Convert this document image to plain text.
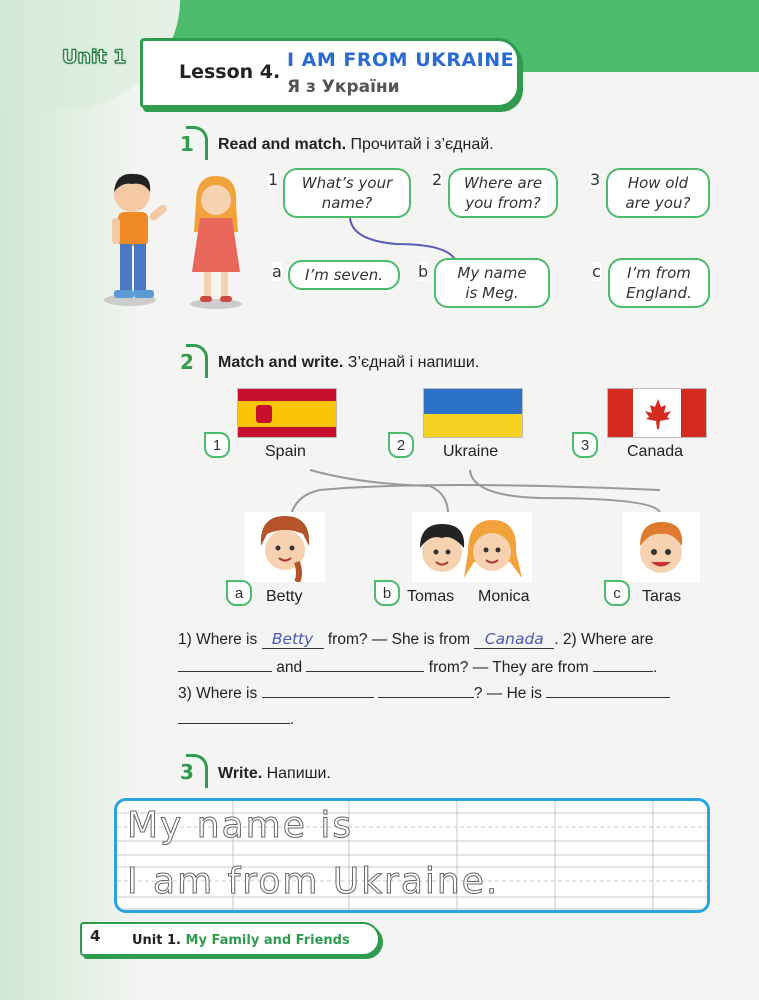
Unit 1
Lesson 4.
I AM FROM UKRAINE
Я з України
1 Read and match. Прочитай і з’єднай.
What’s your
name?
1	Where are
you from?
2	How old
are you?
3
I’m seven.
a	My name
is Meg.
b	I’m from
England.
c
2 Match and write. З’єднай і напиши.
1	Spain	2	Ukraine	3	Canada
a	Betty	b Tomas Monica	c	Taras
1) Where is Betty from? — She is from Canada . 2) Where are
and	from? — They are from	.
3) Where is	? — He is
.
3 Write. Напиши.
My name is
I am from Ukraine.
4 Unit 1. My Family and Friends
